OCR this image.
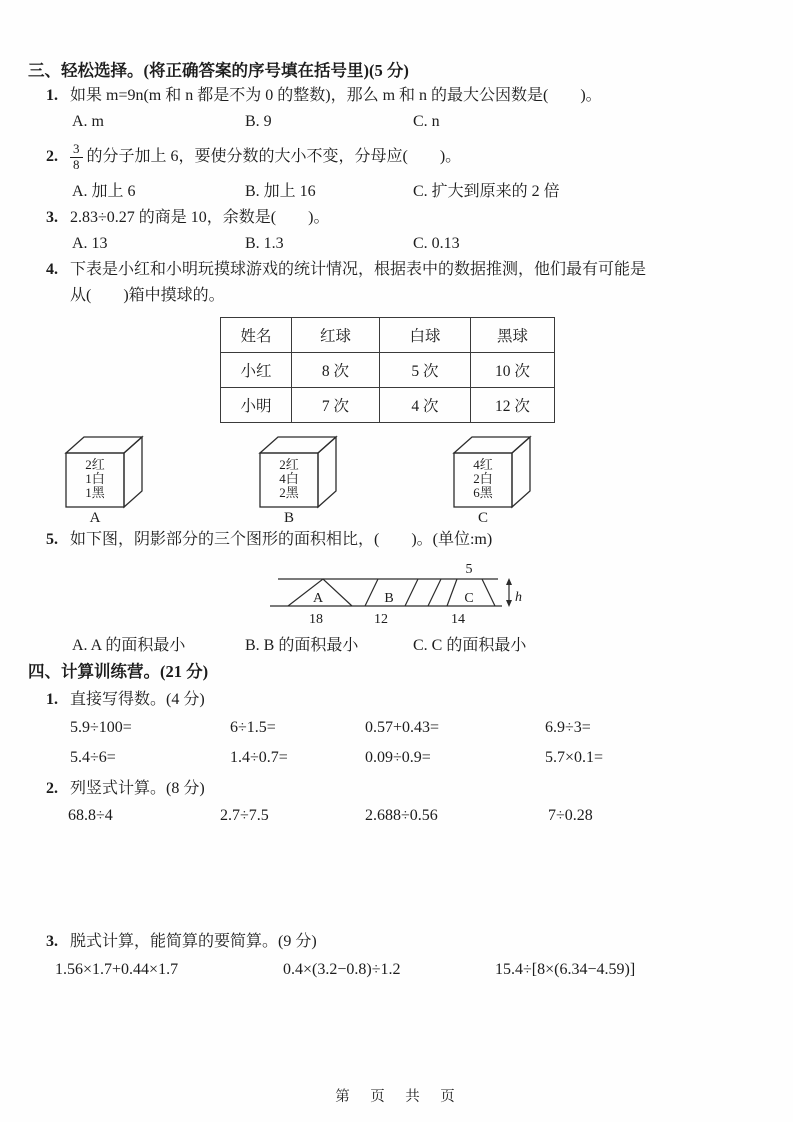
三、轻松选择。(将正确答案的序号填在括号里)(5 分)
1. 如果 m=9n(m 和 n 都是不为 0 的整数)，那么 m 和 n 的最大公因数是(　　)。
A. m	B. 9	C. n
2. $\frac{3}{8}$ 的分子加上 6，要使分数的大小不变，分母应(　　)。
A. 加上 6	B. 加上 16	C. 扩大到原来的 2 倍
3. 2.83÷0.27 的商是 10，余数是(　　)。
A. 13	B. 1.3	C. 0.13
4. 下表是小红和小明玩摸球游戏的统计情况，根据表中的数据推测，他们最有可能是
从(　　)箱中摸球的。
姓名	红球	白球	黑球
小红	8 次	5 次	10 次
小明	7 次	4 次	12 次
2红
1白
1黑
A
2红
4白
2黑
B
4红
2白
6黑
C
5. 如下图，阴影部分的三个图形的面积相比，(　　)。(单位:m)
5
h
A	B	C
18	12	14
A. A 的面积最小	B. B 的面积最小	C. C 的面积最小
四、计算训练营。(21 分)
1. 直接写得数。(4 分)
5.9÷100=	6÷1.5=	0.57+0.43=	6.9÷3=
5.4÷6=	1.4÷0.7=	0.09÷0.9=	5.7×0.1=
2. 列竖式计算。(8 分)
68.8÷4	2.7÷7.5	2.688÷0.56	7÷0.28
3. 脱式计算，能简算的要简算。(9 分)
1.56×1.7+0.44×1.7	0.4×(3.2−0.8)÷1.2	15.4÷[8×(6.34−4.59)]
第　页　共　页
